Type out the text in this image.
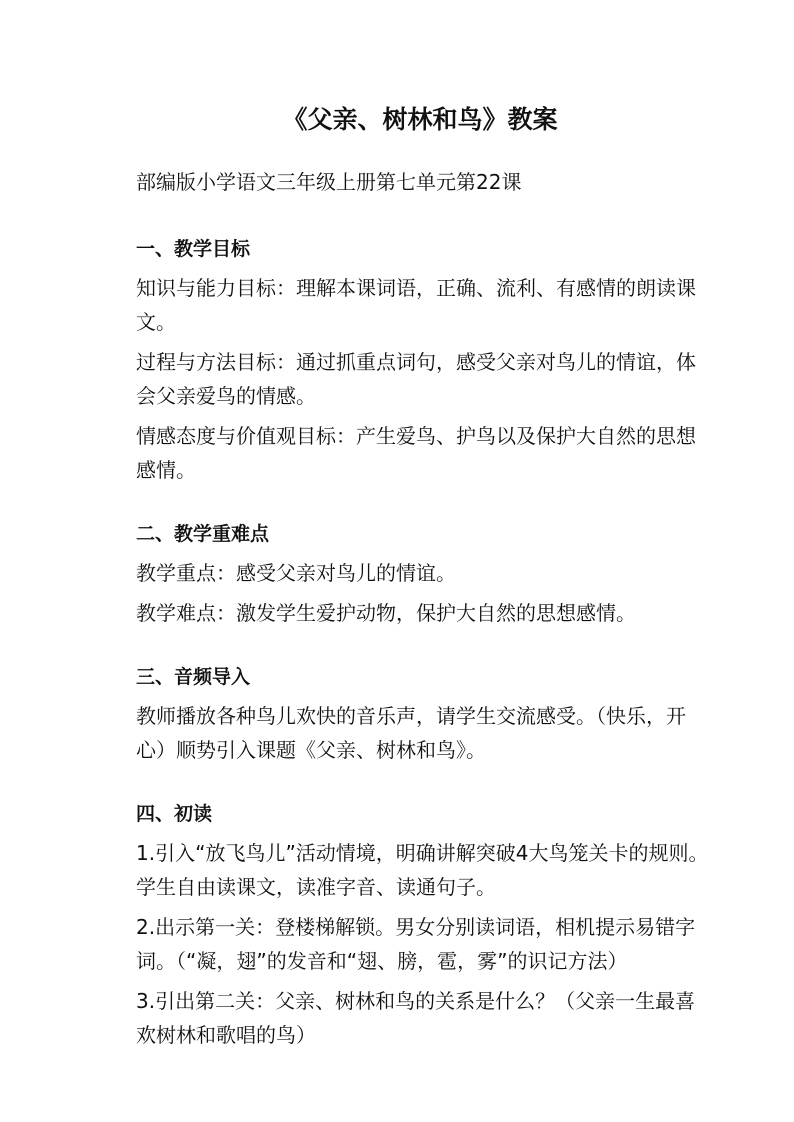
《父亲、树林和鸟》教案
部编版小学语文三年级上册第七单元第22课
一、教学目标

知识与能力目标：理解本课词语，正确、流利、有感情的朗读课文。

过程与方法目标：通过抓重点词句，感受父亲对鸟儿的情谊，体会父亲爱鸟的情感。

情感态度与价值观目标：产生爱鸟、护鸟以及保护大自然的思想感情。

二、教学重难点

教学重点：感受父亲对鸟儿的情谊。

教学难点：激发学生爱护动物，保护大自然的思想感情。

三、音频导入

教师播放各种鸟儿欢快的音乐声，请学生交流感受。（快乐，开心）顺势引入课题《父亲、树林和鸟》。

四、初读

1.引入“放飞鸟儿”活动情境，明确讲解突破4大鸟笼关卡的规则。学生自由读课文，读准字音、读通句子。

2.出示第一关：登楼梯解锁。男女分别读词语，相机提示易错字词。（“凝，翅”的发音和“翅、膀，雹，雾”的识记方法）

3.引出第二关：父亲、树林和鸟的关系是什么？（父亲一生最喜欢树林和歌唱的鸟）
